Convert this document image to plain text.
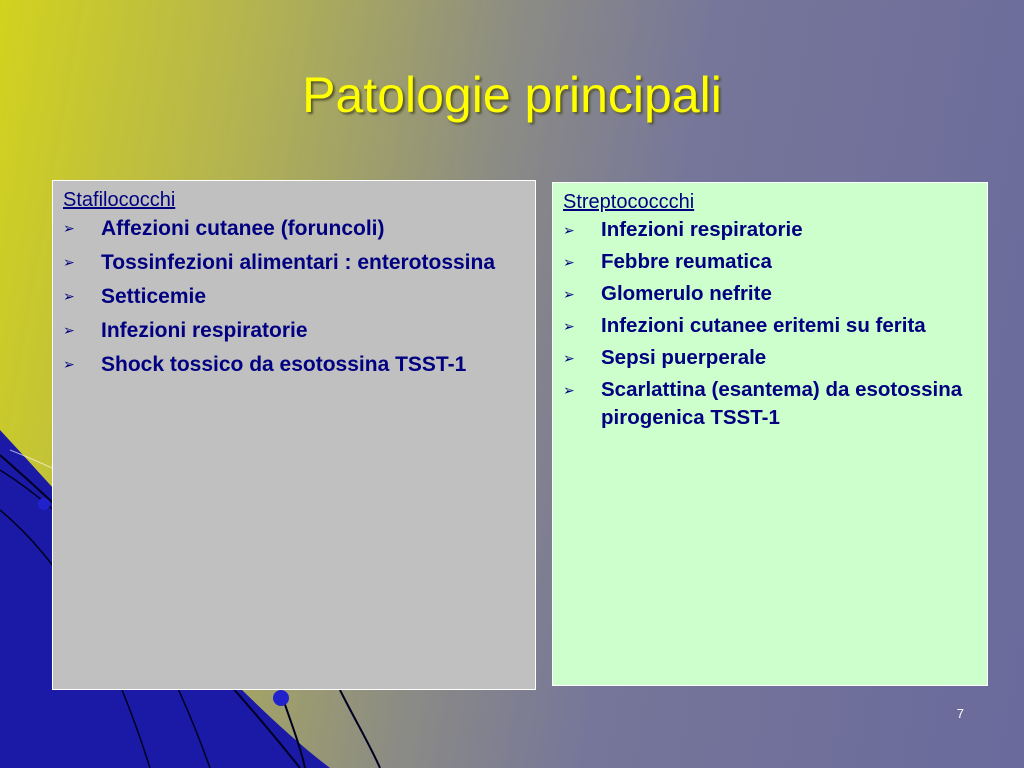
Patologie principali
Stafilococchi
➢ Affezioni cutanee (foruncoli)
➢ Tossinfezioni alimentari : enterotossina
➢ Setticemie
➢ Infezioni respiratorie
➢ Shock tossico da esotossina TSST-1
Streptococcchi
➢ Infezioni respiratorie
➢ Febbre reumatica
➢ Glomerulo nefrite
➢ Infezioni cutanee eritemi su ferita
➢ Sepsi puerperale
➢ Scarlattina (esantema) da esotossina pirogenica TSST-1
7
